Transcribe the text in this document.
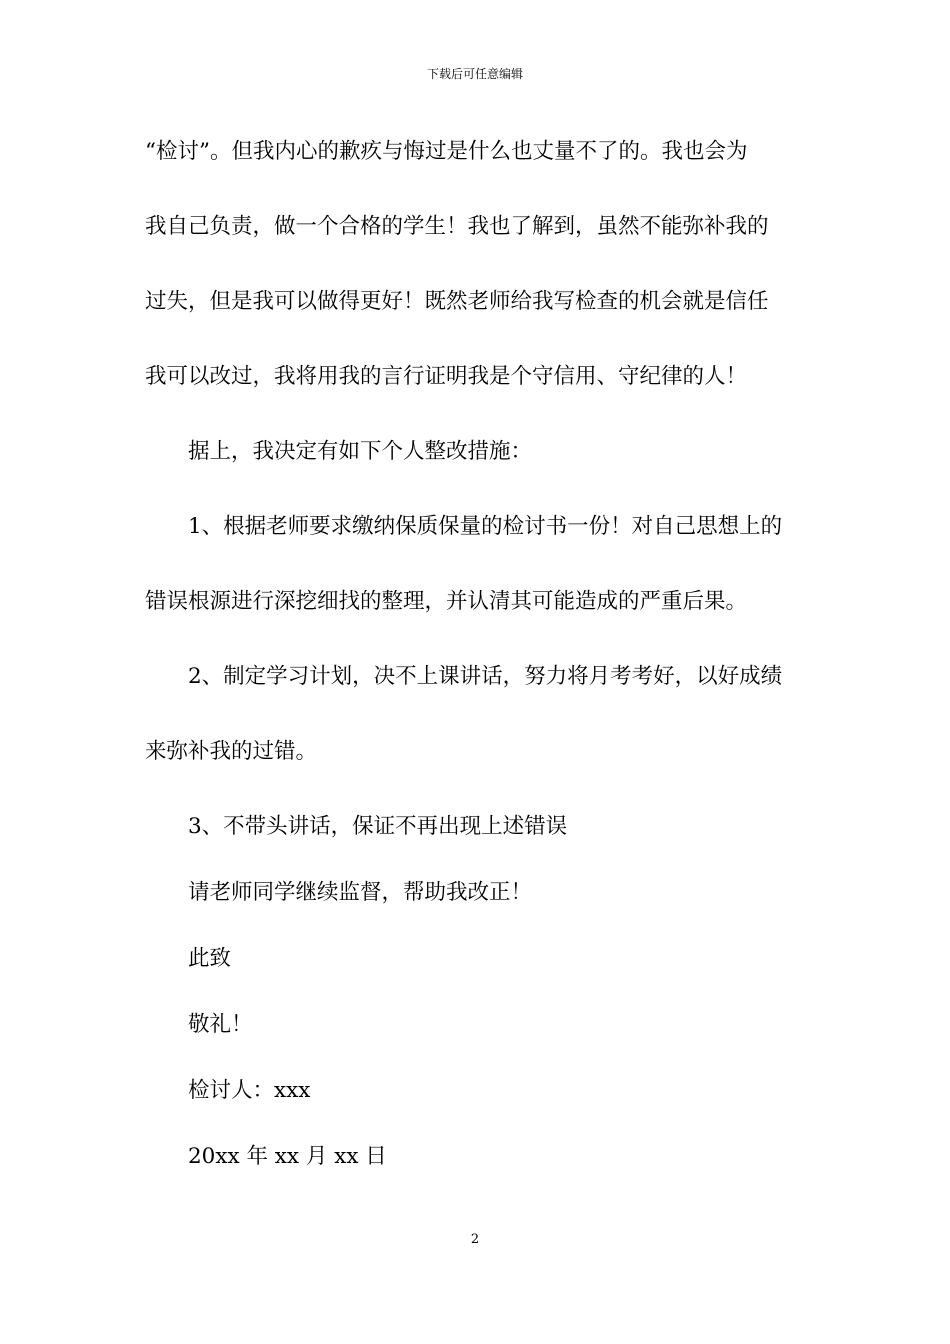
下载后可任意编辑
“检讨”。但我内心的歉疚与悔过是什么也丈量不了的。我也会为
我自己负责，做一个合格的学生！我也了解到，虽然不能弥补我的
过失，但是我可以做得更好！既然老师给我写检查的机会就是信任
我可以改过，我将用我的言行证明我是个守信用、守纪律的人！
据上，我决定有如下个人整改措施：
1、根据老师要求缴纳保质保量的检讨书一份！对自己思想上的
错误根源进行深挖细找的整理，并认清其可能造成的严重后果。
2、制定学习计划，决不上课讲话，努力将月考考好，以好成绩
来弥补我的过错。
3、不带头讲话，保证不再出现上述错误
请老师同学继续监督，帮助我改正！
此致
敬礼！
检讨人：xxx
20xx 年 xx 月 xx 日
2
